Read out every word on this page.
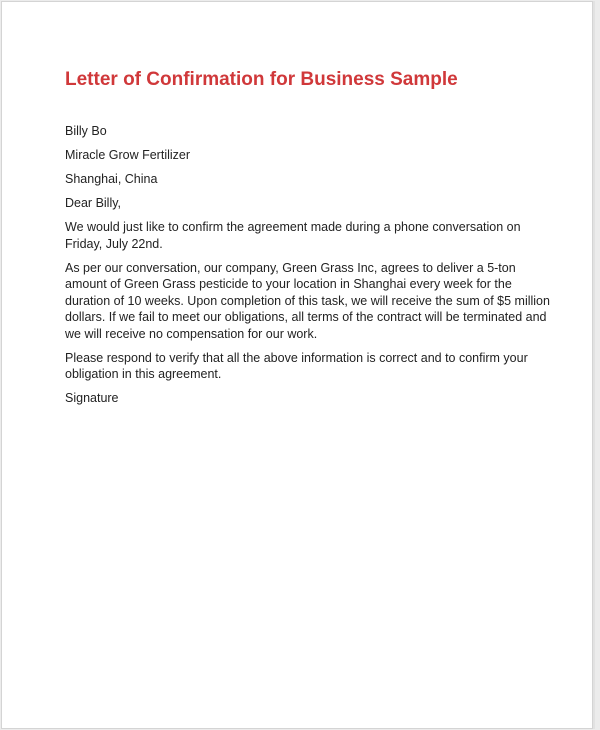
Letter of Confirmation for Business Sample

Billy Bo

Miracle Grow Fertilizer

Shanghai, China

Dear Billy,

We would just like to confirm the agreement made during a phone conversation on Friday, July 22nd.

As per our conversation, our company, Green Grass Inc, agrees to deliver a 5-ton amount of Green Grass pesticide to your location in Shanghai every week for the duration of 10 weeks. Upon completion of this task, we will receive the sum of $5 million dollars. If we fail to meet our obligations, all terms of the contract will be terminated and we will receive no compensation for our work.

Please respond to verify that all the above information is correct and to confirm your obligation in this agreement.

Signature
